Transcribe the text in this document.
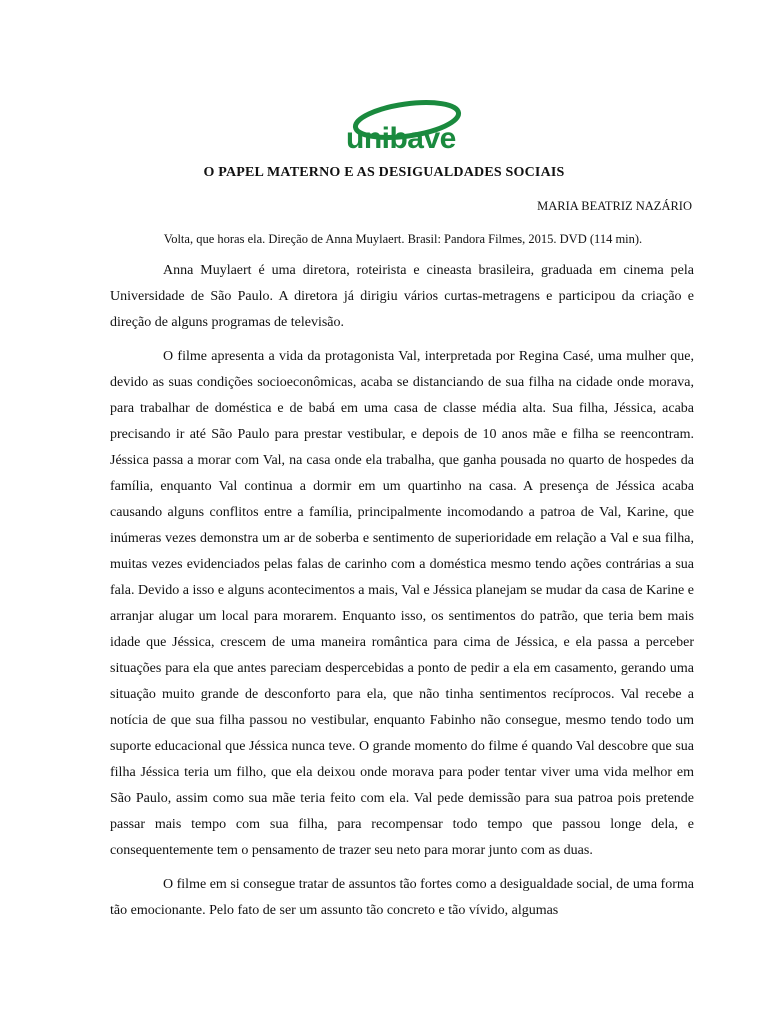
unibave
O PAPEL MATERNO E AS DESIGUALDADES SOCIAIS
MARIA BEATRIZ NAZÁRIO
Volta, que horas ela. Direção de Anna Muylaert. Brasil: Pandora Filmes, 2015. DVD (114 min).

Anna Muylaert é uma diretora, roteirista e cineasta brasileira, graduada em cinema pela Universidade de São Paulo. A diretora já dirigiu vários curtas-metragens e participou da criação e direção de alguns programas de televisão.

O filme apresenta a vida da protagonista Val, interpretada por Regina Casé, uma mulher que, devido as suas condições socioeconômicas, acaba se distanciando de sua filha na cidade onde morava, para trabalhar de doméstica e de babá em uma casa de classe média alta. Sua filha, Jéssica, acaba precisando ir até São Paulo para prestar vestibular, e depois de 10 anos mãe e filha se reencontram. Jéssica passa a morar com Val, na casa onde ela trabalha, que ganha pousada no quarto de hospedes da família, enquanto Val continua a dormir em um quartinho na casa. A presença de Jéssica acaba causando alguns conflitos entre a família, principalmente incomodando a patroa de Val, Karine, que inúmeras vezes demonstra um ar de soberba e sentimento de superioridade em relação a Val e sua filha, muitas vezes evidenciados pelas falas de carinho com a doméstica mesmo tendo ações contrárias a sua fala. Devido a isso e alguns acontecimentos a mais, Val e Jéssica planejam se mudar da casa de Karine e arranjar alugar um local para morarem. Enquanto isso, os sentimentos do patrão, que teria bem mais idade que Jéssica, crescem de uma maneira romântica para cima de Jéssica, e ela passa a perceber situações para ela que antes pareciam despercebidas a ponto de pedir a ela em casamento, gerando uma situação muito grande de desconforto para ela, que não tinha sentimentos recíprocos. Val recebe a notícia de que sua filha passou no vestibular, enquanto Fabinho não consegue, mesmo tendo todo um suporte educacional que Jéssica nunca teve. O grande momento do filme é quando Val descobre que sua filha Jéssica teria um filho, que ela deixou onde morava para poder tentar viver uma vida melhor em São Paulo, assim como sua mãe teria feito com ela. Val pede demissão para sua patroa pois pretende passar mais tempo com sua filha, para recompensar todo tempo que passou longe dela, e consequentemente tem o pensamento de trazer seu neto para morar junto com as duas.

O filme em si consegue tratar de assuntos tão fortes como a desigualdade social, de uma forma tão emocionante. Pelo fato de ser um assunto tão concreto e tão vívido, algumas
